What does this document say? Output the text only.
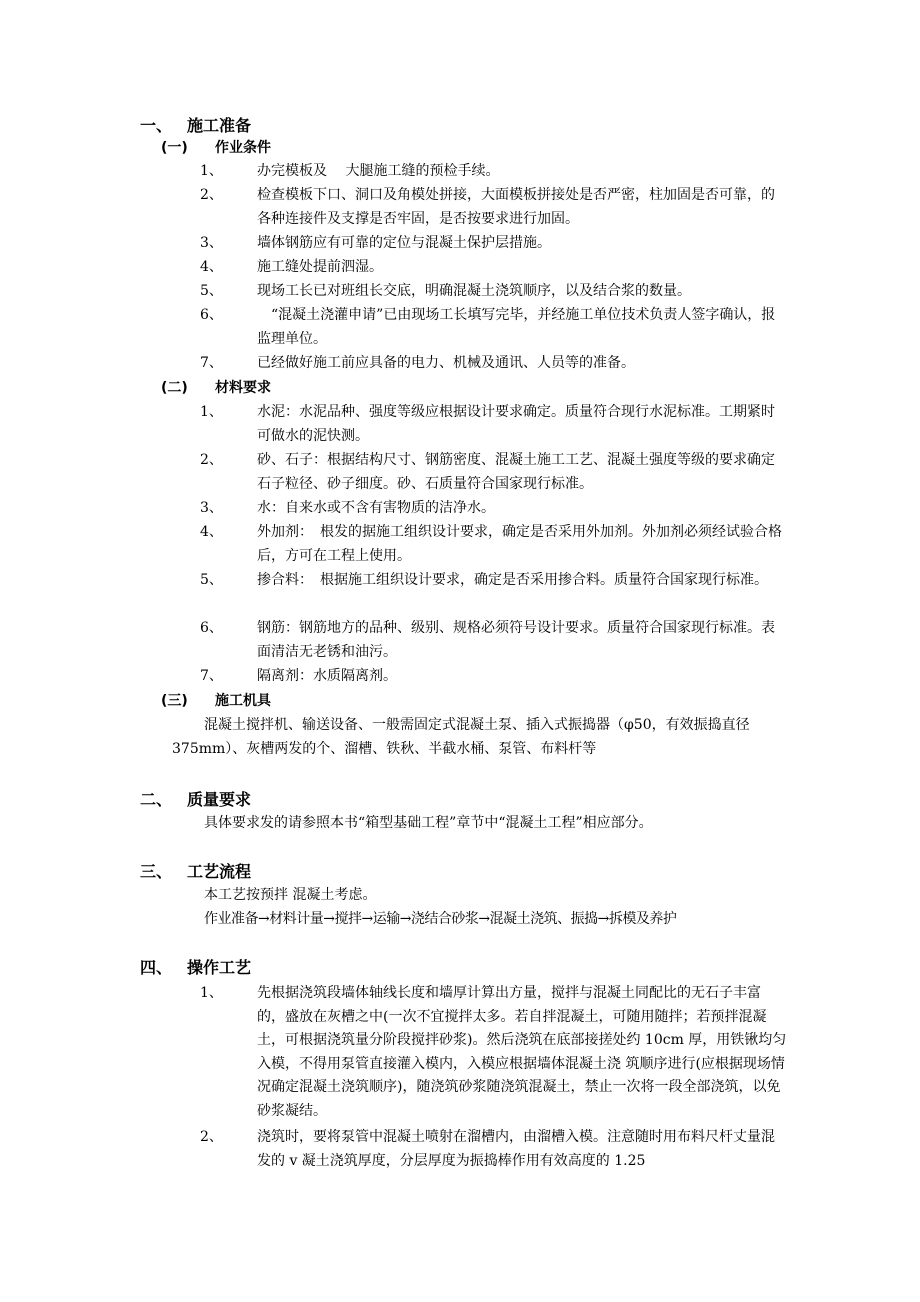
一、 施工准备
(一) 作业条件
1、 办完模板及　 大腿施工缝的预检手续。
2、 检查模板下口、洞口及角模处拼接，大面模板拼接处是否严密，柱加固是否可靠，的各种连接件及支撑是否牢固，是否按要求进行加固。
3、 墙体钢筋应有可靠的定位与混凝土保护层措施。
4、 施工缝处提前泗湿。
5、 现场工长已对班组长交底，明确混凝土浇筑顺序，以及结合浆的数量。
6、 　“混凝土浇灌申请”已由现场工长填写完毕，并经施工单位技术负责人签字确认，报监理单位。
7、 已经做好施工前应具备的电力、机械及通讯、人员等的准备。
(二) 材料要求
1、 水泥：水泥品种、强度等级应根据设计要求确定。质量符合现行水泥标准。工期紧时可做水的泥快测。
2、 砂、石子：根据结构尺寸、钢筋密度、混凝土施工工艺、混凝土强度等级的要求确定石子粒径、砂子细度。砂、石质量符合国家现行标准。
3、 水：自来水或不含有害物质的洁净水。
4、 外加剂：　根发的据施工组织设计要求，确定是否采用外加剂。外加剂必须经试验合格后，方可在工程上使用。
5、 掺合料：　根据施工组织设计要求，确定是否采用掺合料。质量符合国家现行标准。
6、 钢筋：钢筋地方的品种、级别、规格必须符号设计要求。质量符合国家现行标准。表面清洁无老锈和油污。
7、 隔离剂：水质隔离剂。
(三) 施工机具
混凝土搅拌机、输送设备、一般需固定式混凝土泵、插入式振捣器（φ50，有效振捣直径375mm）、灰槽两发的个、溜槽、铁秋、半截水桶、泵管、布料杆等
二、 质量要求
具体要求发的请参照本书“箱型基础工程”章节中“混凝土工程”相应部分。
三、 工艺流程
本工艺按预拌 混凝土考虑。
作业准备→材料计量→搅拌→运输→浇结合砂浆→混凝土浇筑、振捣→拆模及养护
四、 操作工艺
1、 先根据浇筑段墙体轴线长度和墙厚计算出方量，搅拌与混凝土同配比的无石子丰富的，盛放在灰槽之中(一次不宜搅拌太多。若自拌混凝土，可随用随拌；若预拌混凝土，可根据浇筑量分阶段搅拌砂浆)。然后浇筑在底部接搓处约 10cm 厚，用铁锹均匀入模，不得用泵管直接灌入模内，入模应根据墙体混凝土浇 筑顺序进行(应根据现场情况确定混凝土浇筑顺序)，随浇筑砂浆随浇筑混凝土，禁止一次将一段全部浇筑，以免砂浆凝结。
2、 浇筑时，要将泵管中混凝土喷射在溜槽内，由溜槽入模。注意随时用布料尺杆丈量混发的 v 凝土浇筑厚度，分层厚度为振捣棒作用有效高度的 1.25
